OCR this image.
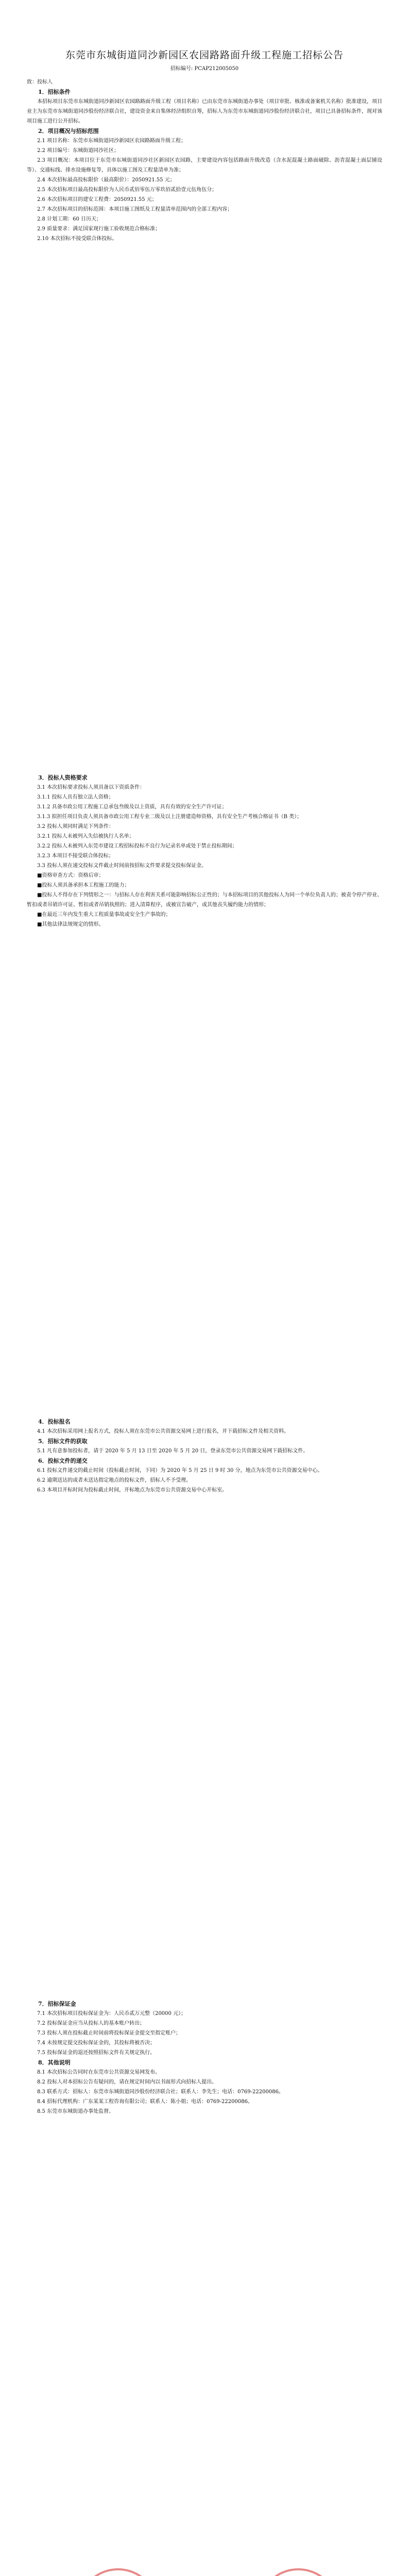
东莞市东城街道同沙新园区农园路路面升级工程施工招标公告
招标编号: PCAP212005050

致：投标人

1．招标条件

本招标项目东莞市东城街道同沙新园区农园路路面升级工程（项目名称）已由东莞市东城街道办事处（项目审批、核准或备案机关名称）批准建设，项目业主为东莞市东城街道同沙股份经济联合社，建设资金来自集体经济组织自筹，招标人为东莞市东城街道同沙股份经济联合社，项目已具备招标条件，现对该项目施工进行公开招标。

2．项目概况与招标范围

2.1 项目名称：东莞市东城街道同沙新园区农园路路面升级工程；

2.2 项目编号：东城街道同沙社区；

2.3 项目概况：本项目位于东莞市东城街道同沙社区新园区农园路，主要建设内容包括路面升级改造（含水泥混凝土路面破除、沥青混凝土面层铺设等）、交通标线、排水设施修复等，具体以施工图及工程量清单为准；

2.4 本次招标最高投标限价（最高限价）：2050921.55 元；

2.5 本次招标项目最高投标限价为人民币贰佰零伍万零玖佰贰拾壹元伍角伍分；

2.6 本次招标项目的建安工程费：2050921.55 元；

2.7 本次招标项目的招标范围：本项目施工图纸及工程量清单范围内的全部工程内容；

2.8 计划工期：60 日历天；

2.9 质量要求：满足国家现行施工验收规范合格标准；

2.10 本次招标不接受联合体投标。

3．投标人资格要求

3.1 本次招标要求投标人须具备以下资质条件：

3.1.1 投标人具有独立法人资格；

3.1.2 具备市政公用工程施工总承包叁级及以上资质，具有有效的安全生产许可证；

3.1.3 拟担任项目负责人须具备市政公用工程专业二级及以上注册建造师资格，具有安全生产考核合格证书（B 类）；

3.2 投标人须同时满足下列条件：

3.2.1 投标人未被列入失信被执行人名单；

3.2.2 投标人未被列入东莞市建设工程招标投标不良行为记录名单或处于禁止投标期间；

3.2.3 本项目不接受联合体投标；

3.3 投标人须在递交投标文件截止时间前按招标文件要求提交投标保证金。

■资格审查方式：资格后审；

■投标人须具备承担本工程施工的能力；

■投标人不得存在下列情形之一：与招标人存在利害关系可能影响招标公正性的；与本招标项目的其他投标人为同一个单位负责人的；被责令停产停业、暂扣或者吊销许可证、暂扣或者吊销执照的；进入清算程序，或被宣告破产，或其他丧失履约能力的情形；

■在最近三年内发生重大工程质量事故或安全生产事故的；

■其他法律法规规定的情形。

4．投标报名

4.1 本次招标采用网上报名方式，投标人须在东莞市公共资源交易网上进行报名，并下载招标文件及相关资料。

5．招标文件的获取

5.1 凡有意参加投标者，请于 2020 年 5 月 13 日至 2020 年 5 月 20 日，登录东莞市公共资源交易网下载招标文件。

6．投标文件的递交

6.1 投标文件递交的截止时间（投标截止时间，下同）为 2020 年 5 月 25 日 9 时 30 分，地点为东莞市公共资源交易中心。

6.2 逾期送达的或者未送达指定地点的投标文件，招标人不予受理。

6.3 本项目开标时间为投标截止时间，开标地点为东莞市公共资源交易中心开标室。

7．招标保证金

7.1 本次招标项目投标保证金为：人民币贰万元整（20000 元）；

7.2 投标保证金应当从投标人的基本账户转出；

7.3 投标人须在投标截止时间前将投标保证金提交至指定账户；

7.4 未按规定提交投标保证金的，其投标将被否决；

7.5 投标保证金的退还按照招标文件有关规定执行。

8．其他说明

8.1 本次招标公告同时在东莞市公共资源交易网发布。

8.2 投标人对本招标公告有疑问的，请在规定时间内以书面形式向招标人提出。

8.3 联系方式：招标人：东莞市东城街道同沙股份经济联合社；联系人：李先生；电话：0769-22200086。

8.4 招标代理机构：广东某某工程咨询有限公司；联系人：陈小姐；电话：0769-22200086。

8.5 东莞市东城街道办事处监督。
